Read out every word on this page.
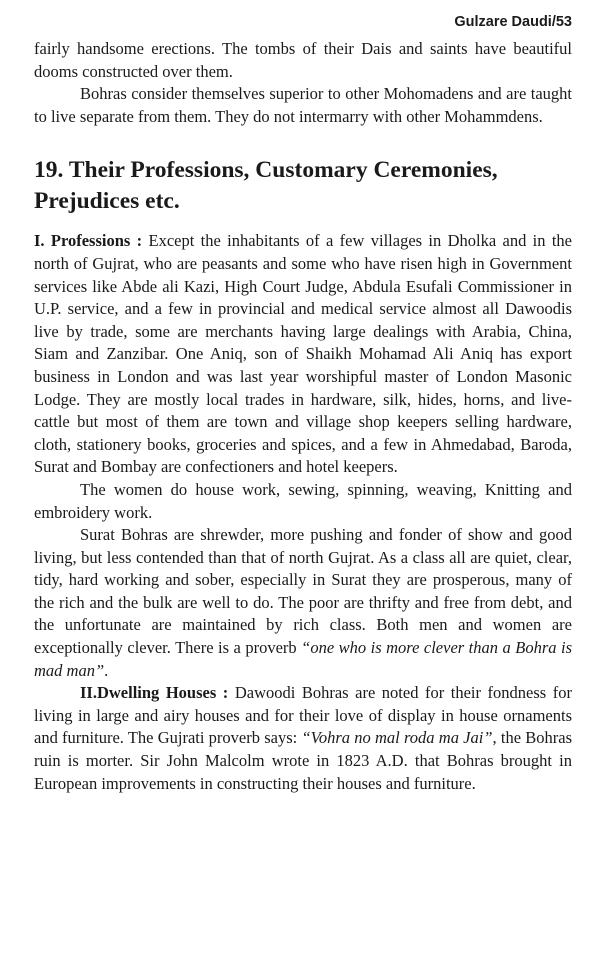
Gulzare Daudi/53

fairly handsome erections. The tombs of their Dais and saints have beautiful dooms constructed over them.

Bohras consider themselves superior to other Mohomadens and are taught to live separate from them. They do not intermarry with other Mohammdens.

19. Their Professions, Customary Ceremonies, Prejudices etc.

I. Professions : Except the inhabitants of a few villages in Dholka and in the north of Gujrat, who are peasants and some who have risen high in Government services like Abde ali Kazi, High Court Judge, Abdula Esufali Commissioner in U.P. service, and a few in provincial and medical service almost all Dawoodis live by trade, some are merchants having large dealings with Arabia, China, Siam and Zanzibar. One Aniq, son of Shaikh Mohamad Ali Aniq has export business in London and was last year worshipful master of London Masonic Lodge. They are mostly local trades in hardware, silk, hides, horns, and live-cattle but most of them are town and village shop keepers selling hardware, cloth, stationery books, groceries and spices, and a few in Ahmedabad, Baroda, Surat and Bombay are confectioners and hotel keepers.

The women do house work, sewing, spinning, weaving, Knitting and embroidery work.

Surat Bohras are shrewder, more pushing and fonder of show and good living, but less contended than that of north Gujrat. As a class all are quiet, clear, tidy, hard working and sober, especially in Surat they are prosperous, many of the rich and the bulk are well to do. The poor are thrifty and free from debt, and the unfortunate are maintained by rich class. Both men and women are exceptionally clever. There is a proverb “one who is more clever than a Bohra is mad man”.

II.Dwelling Houses : Dawoodi Bohras are noted for their fondness for living in large and airy houses and for their love of display in house ornaments and furniture. The Gujrati proverb says: “Vohra no mal roda ma Jai”, the Bohras ruin is morter. Sir John Malcolm wrote in 1823 A.D. that Bohras brought in European improvements in constructing their houses and furniture.
